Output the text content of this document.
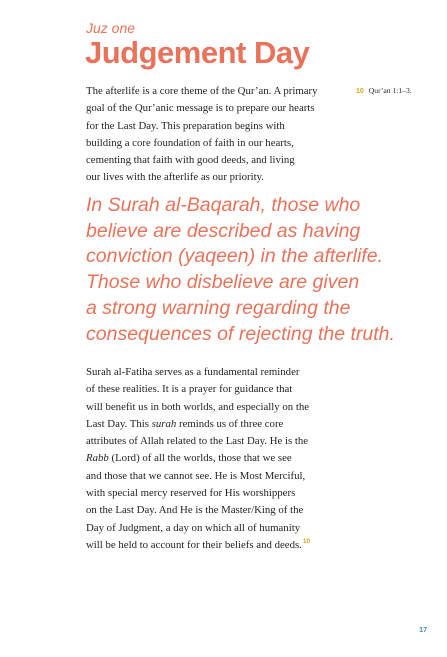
Juz one
Judgement Day

The afterlife is a core theme of the Qur’an. A primary
goal of the Qur’anic message is to prepare our hearts
for the Last Day. This preparation begins with
building a core foundation of faith in our hearts,
cementing that faith with good deeds, and living
our lives with the afterlife as our priority.

10 Qur’an 1:1–3.

In Surah al-Baqarah, those who
believe are described as having
conviction (yaqeen) in the afterlife.
Those who disbelieve are given
a strong warning regarding the
consequences of rejecting the truth.

Surah al-Fatiha serves as a fundamental reminder
of these realities. It is a prayer for guidance that
will benefit us in both worlds, and especially on the
Last Day. This surah reminds us of three core
attributes of Allah related to the Last Day. He is the
Rabb (Lord) of all the worlds, those that we see
and those that we cannot see. He is Most Merciful,
with special mercy reserved for His worshippers
on the Last Day. And He is the Master/King of the
Day of Judgment, a day on which all of humanity
will be held to account for their beliefs and deeds.$^{10}$

17
